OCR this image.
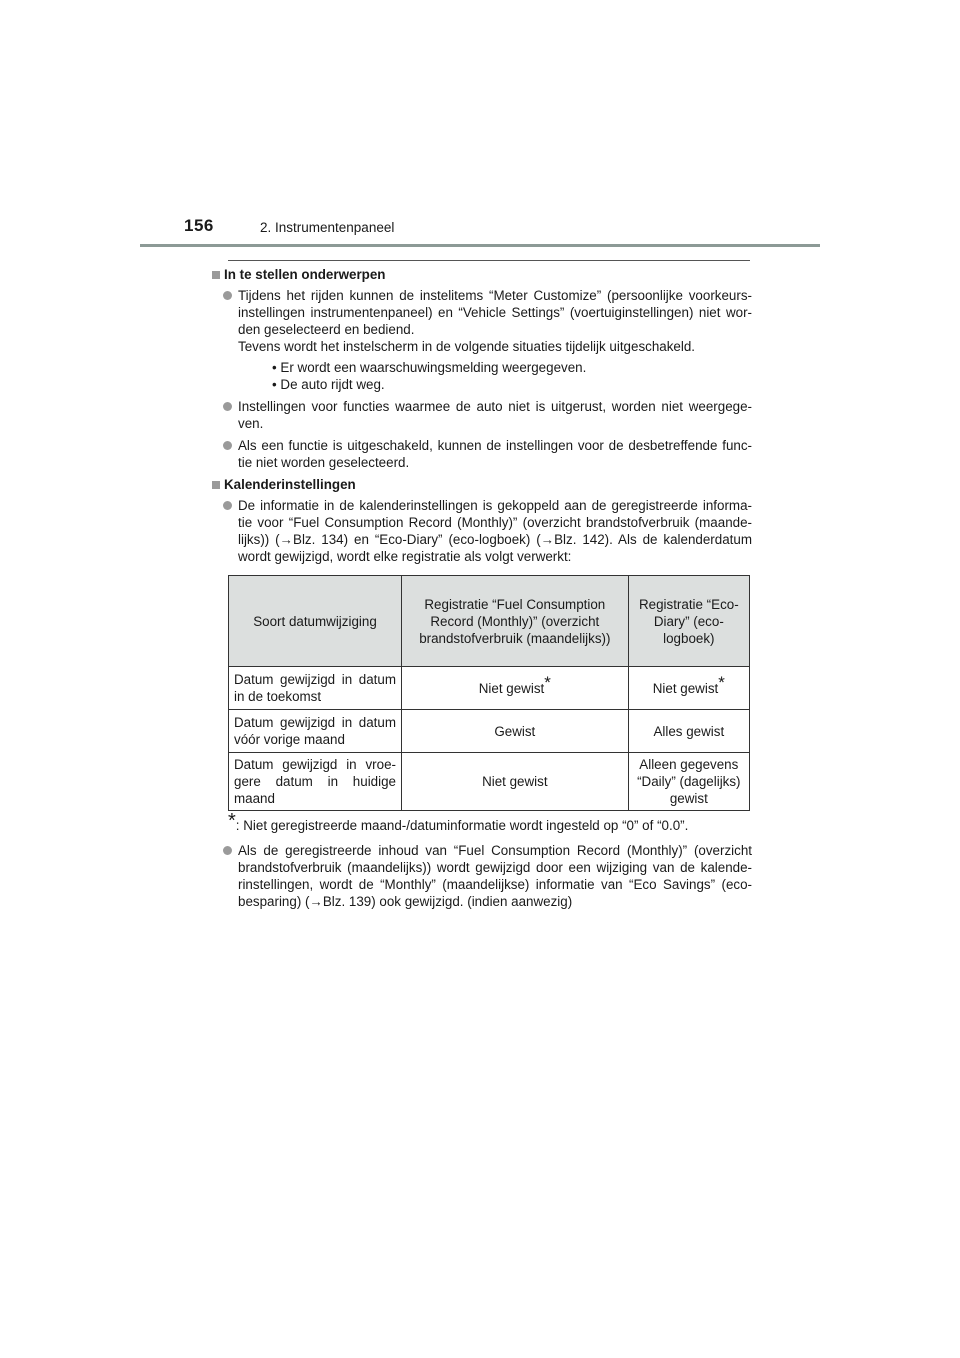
156	2. Instrumentenpaneel
In te stellen onderwerpen
Tijdens het rijden kunnen de instelitems “Meter Customize” (persoonlijke voorkeurs-instellingen instrumentenpaneel) en “Vehicle Settings” (voertuiginstellingen) niet wor-den geselecteerd en bediend.
Tevens wordt het instelscherm in de volgende situaties tijdelijk uitgeschakeld.
• Er wordt een waarschuwingsmelding weergegeven.
• De auto rijdt weg.
Instellingen voor functies waarmee de auto niet is uitgerust, worden niet weergege-ven.
Als een functie is uitgeschakeld, kunnen de instellingen voor de desbetreffende func-tie niet worden geselecteerd.
Kalenderinstellingen
De informatie in de kalenderinstellingen is gekoppeld aan de geregistreerde informa-tie voor “Fuel Consumption Record (Monthly)” (overzicht brandstofverbruik (maande-lijks)) (→Blz. 134) en “Eco-Diary” (eco-logboek) (→Blz. 142). Als de kalenderdatum wordt gewijzigd, wordt elke registratie als volgt verwerkt:
Soort datumwijziging	Registratie “Fuel Consumption Record (Monthly)” (overzicht brandstofverbruik (maandelijks))	Registratie “Eco-Diary” (eco-logboek)
Datum gewijzigd in datum in de toekomst	Niet gewist*	Niet gewist*
Datum gewijzigd in datum vóór vorige maand	Gewist	Alles gewist
Datum gewijzigd in vroe-gere datum in huidige maand	Niet gewist	Alleen gegevens “Daily” (dagelijks) gewist
*: Niet geregistreerde maand-/datuminformatie wordt ingesteld op “0” of “0.0”.
Als de geregistreerde inhoud van “Fuel Consumption Record (Monthly)” (overzicht brandstofverbruik (maandelijks)) wordt gewijzigd door een wijziging van de kalende-rinstellingen, wordt de “Monthly” (maandelijkse) informatie van “Eco Savings” (eco-besparing) (→Blz. 139) ook gewijzigd. (indien aanwezig)
